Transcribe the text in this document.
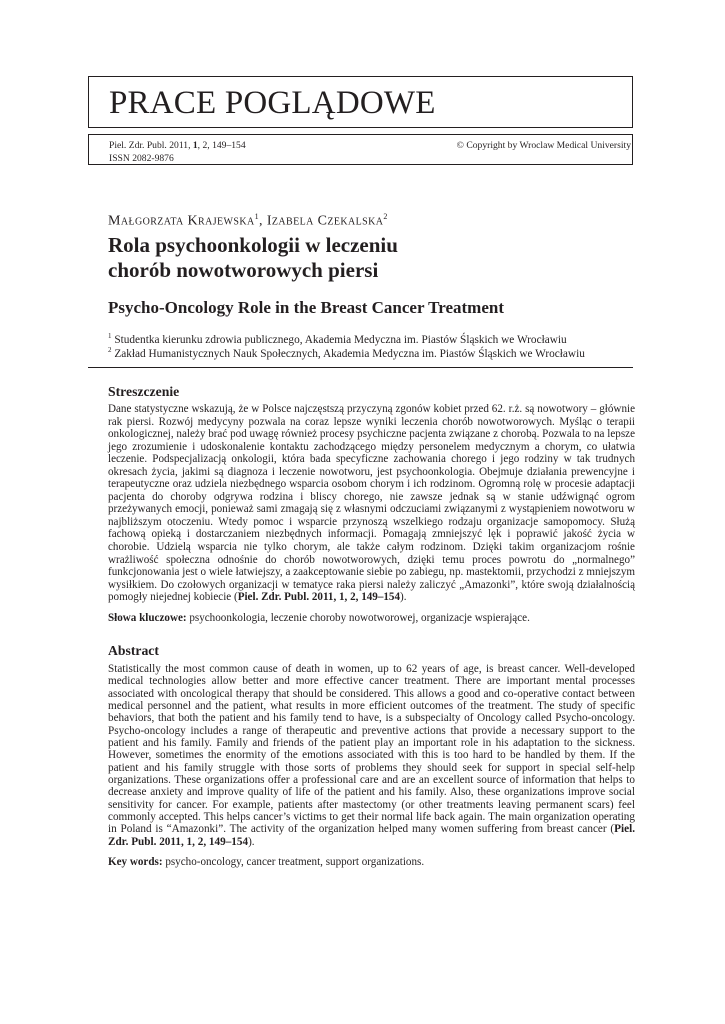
PRACE POGLĄDOWE
Piel. Zdr. Publ. 2011, 1, 2, 149–154
ISSN 2082-9876
© Copyright by Wroclaw Medical University
Małgorzata Krajewska$^1$, Izabela Czekalska$^2$
Rola psychoonkologii w leczeniu
chorób nowotworowych piersi
Psycho-Oncology Role in the Breast Cancer Treatment
$^1$ Studentka kierunku zdrowia publicznego, Akademia Medyczna im. Piastów Śląskich we Wrocławiu
$^2$ Zakład Humanistycznych Nauk Społecznych, Akademia Medyczna im. Piastów Śląskich we Wrocławiu
Streszczenie

Dane statystyczne wskazują, że w Polsce najczęstszą przyczyną zgonów kobiet przed 62. r.ż. są nowotwory – głównie rak piersi. Rozwój medycyny pozwala na coraz lepsze wyniki leczenia chorób nowotworowych. Myśląc o terapii onkologicznej, należy brać pod uwagę również procesy psychiczne pacjenta związane z chorobą. Pozwala to na lepsze jego zrozumienie i udoskonalenie kontaktu zachodzącego między personelem medycznym a chorym, co ułatwia leczenie. Podspecjalizacją onkologii, która bada specyficzne zachowania chorego i jego rodziny w tak trudnych okresach życia, jakimi są diagnoza i leczenie nowotworu, jest psychoonkologia. Obejmuje działania prewencyjne i terapeutyczne oraz udziela niezbędnego wsparcia osobom chorym i ich rodzinom. Ogromną rolę w procesie adaptacji pacjenta do choroby odgrywa rodzina i bliscy chorego, nie zawsze jednak są w stanie udźwignąć ogrom przeżywanych emocji, ponieważ sami zmagają się z własnymi odczuciami związanymi z wystąpieniem nowotworu w najbliższym otoczeniu. Wtedy pomoc i wsparcie przynoszą wszelkiego rodzaju organizacje samopomocy. Służą fachową opieką i dostarczaniem niezbędnych informacji. Pomagają zmniejszyć lęk i poprawić jakość życia w chorobie. Udzielą wsparcia nie tylko chorym, ale także całym rodzinom. Dzięki takim organizacjom rośnie wrażliwość społeczna odnośnie do chorób nowotworowych, dzięki temu proces powrotu do „normalnego” funkcjonowania jest o wiele łatwiejszy, a zaakceptowanie siebie po zabiegu, np. mastektomii, przychodzi z mniejszym wysiłkiem. Do czołowych organizacji w tematyce raka piersi należy zaliczyć „Amazonki”, które swoją działalnością pomogły niejednej kobiecie (Piel. Zdr. Publ. 2011, 1, 2, 149–154).

Słowa kluczowe: psychoonkologia, leczenie choroby nowotworowej, organizacje wspierające.

Abstract

Statistically the most common cause of death in women, up to 62 years of age, is breast cancer. Well-developed medical technologies allow better and more effective cancer treatment. There are important mental processes associated with oncological therapy that should be considered. This allows a good and co-operative contact between medical personnel and the patient, what results in more efficient outcomes of the treatment. The study of specific behaviors, that both the patient and his family tend to have, is a subspecialty of Oncology called Psycho-oncology. Psycho-oncology includes a range of therapeutic and preventive actions that provide a necessary support to the patient and his family. Family and friends of the patient play an important role in his adaptation to the sickness. However, sometimes the enormity of the emotions associated with this is too hard to be handled by them. If the patient and his family struggle with those sorts of problems they should seek for support in special self-help organizations. These organizations offer a professional care and are an excellent source of information that helps to decrease anxiety and improve quality of life of the patient and his family. Also, these organizations improve social sensitivity for cancer. For example, patients after mastectomy (or other treatments leaving permanent scars) feel commonly accepted. This helps cancer’s victims to get their normal life back again. The main organization operating in Poland is “Amazonki”. The activity of the organization helped many women suffering from breast cancer (Piel. Zdr. Publ. 2011, 1, 2, 149–154).

Key words: psycho-oncology, cancer treatment, support organizations.
